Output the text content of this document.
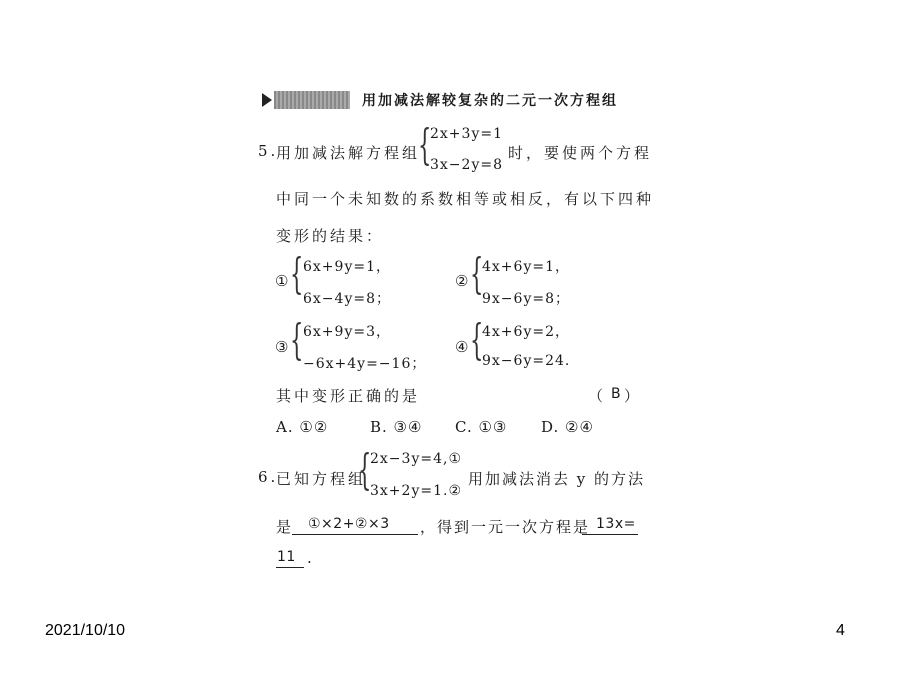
用加减法解较复杂的二元一次方程组
5.
用加减法解方程组
{
2x+3y=1
3x−2y=8
时，要使两个方程
中同一个未知数的系数相等或相反，有以下四种
变形的结果：
①
{ 6x+9y=1，
6x−4y=8；
②
{
4x+6y=1，
9x−6y=8；
③
{ 6x+9y=3，
−6x+4y=−16；
④
{
4x+6y=2，
9x−6y=24.
其中变形正确的是	（ B ）
A. ①②	B. ③④ C. ①③ D. ②④
6.
已知方程组
{
2x−3y=4,①
3x+2y=1.②
用加减法消去 y 的方法
是 ①×2+②×3 ，得到一元一次方程是 13x=
11 .
2021/10/10	4
